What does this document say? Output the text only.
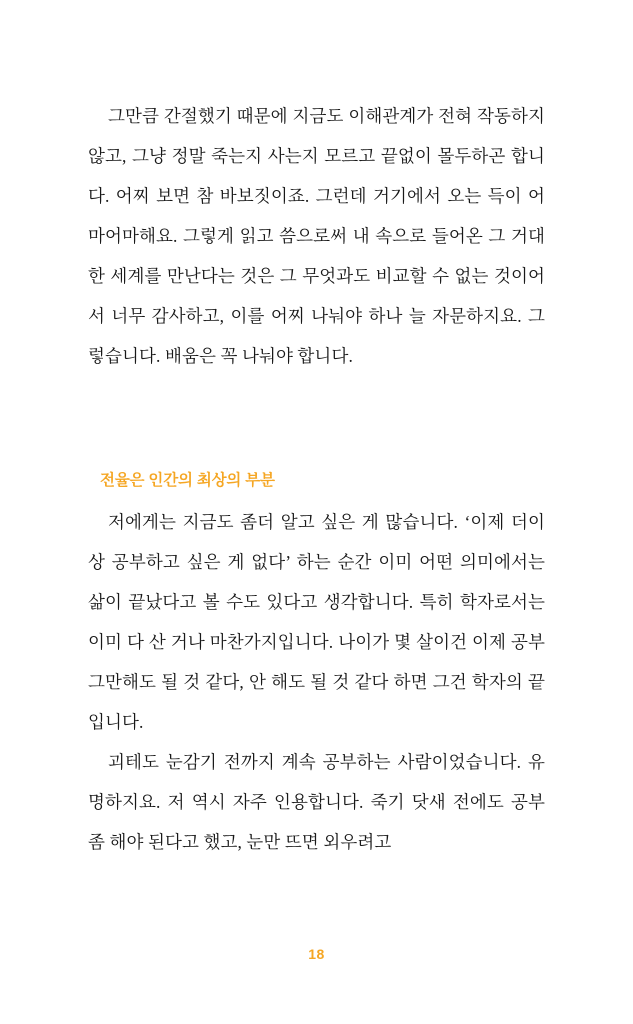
그만큼 간절했기 때문에 지금도 이해관계가 전혀 작동하지 않고, 그냥 정말 죽는지 사는지 모르고 끝없이 몰두하곤 합니다. 어찌 보면 참 바보짓이죠. 그런데 거기에서 오는 득이 어마어마해요. 그렇게 읽고 씀으로써 내 속으로 들어온 그 거대한 세계를 만난다는 것은 그 무엇과도 비교할 수 없는 것이어서 너무 감사하고, 이를 어찌 나눠야 하나 늘 자문하지요. 그렇습니다. 배움은 꼭 나눠야 합니다.

전율은 인간의 최상의 부분

저에게는 지금도 좀더 알고 싶은 게 많습니다. ‘이제 더이상 공부하고 싶은 게 없다’ 하는 순간 이미 어떤 의미에서는 삶이 끝났다고 볼 수도 있다고 생각합니다. 특히 학자로서는 이미 다 산 거나 마찬가지입니다. 나이가 몇 살이건 이제 공부 그만해도 될 것 같다, 안 해도 될 것 같다 하면 그건 학자의 끝입니다.

괴테도 눈감기 전까지 계속 공부하는 사람이었습니다. 유명하지요. 저 역시 자주 인용합니다. 죽기 닷새 전에도 공부 좀 해야 된다고 했고, 눈만 뜨면 외우려고

18
